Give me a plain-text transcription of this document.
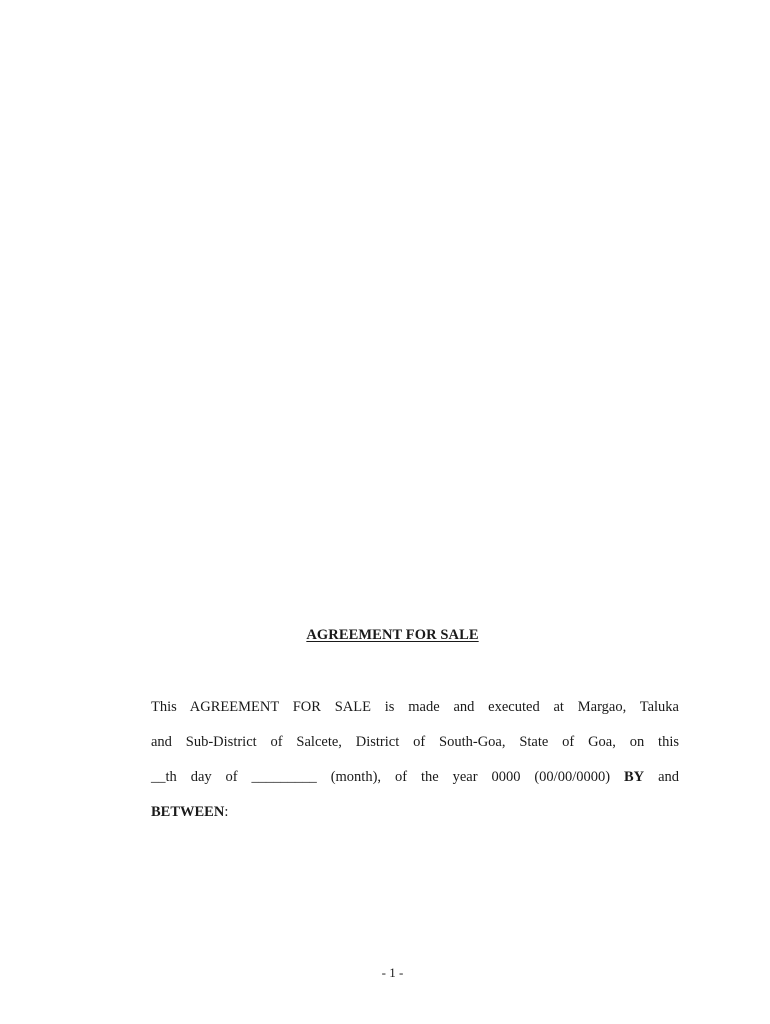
AGREEMENT FOR SALE
This AGREEMENT FOR SALE is made and executed at Margao, Taluka
and Sub-District of Salcete, District of South-Goa, State of Goa, on this
__th day of _________ (month), of the year 0000 (00/00/0000) BY and
BETWEEN:
- 1 -
